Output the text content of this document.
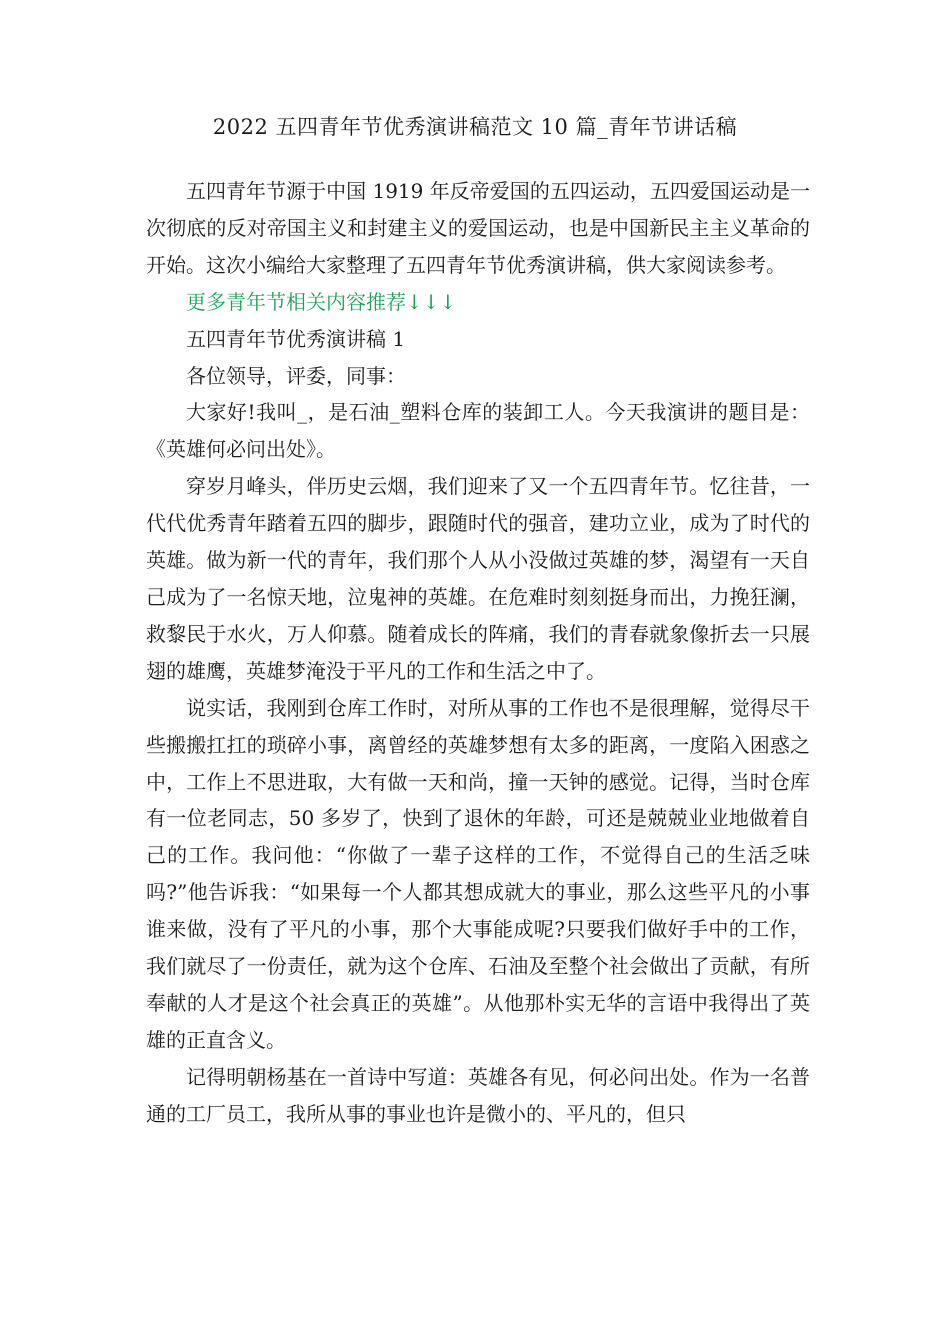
2022 五四青年节优秀演讲稿范文 10 篇_青年节讲话稿

五四青年节源于中国 1919 年反帝爱国的五四运动，五四爱国运动是一次彻底的反对帝国主义和封建主义的爱国运动，也是中国新民主主义革命的开始。这次小编给大家整理了五四青年节优秀演讲稿，供大家阅读参考。

更多青年节相关内容推荐↓↓↓

五四青年节优秀演讲稿 1

各位领导，评委，同事：

大家好!我叫_，是石油_塑料仓库的装卸工人。今天我演讲的题目是：《英雄何必问出处》。

穿岁月峰头，伴历史云烟，我们迎来了又一个五四青年节。忆往昔，一代代优秀青年踏着五四的脚步，跟随时代的强音，建功立业，成为了时代的英雄。做为新一代的青年，我们那个人从小没做过英雄的梦，渴望有一天自己成为了一名惊天地，泣鬼神的英雄。在危难时刻刻挺身而出，力挽狂澜，救黎民于水火，万人仰慕。随着成长的阵痛，我们的青春就象像折去一只展翅的雄鹰，英雄梦淹没于平凡的工作和生活之中了。

说实话，我刚到仓库工作时，对所从事的工作也不是很理解，觉得尽干些搬搬扛扛的琐碎小事，离曾经的英雄梦想有太多的距离，一度陷入困惑之中，工作上不思进取，大有做一天和尚，撞一天钟的感觉。记得，当时仓库有一位老同志，50 多岁了，快到了退休的年龄，可还是兢兢业业地做着自己的工作。我问他：“你做了一辈子这样的工作，不觉得自己的生活乏味吗?”他告诉我：“如果每一个人都其想成就大的事业，那么这些平凡的小事谁来做，没有了平凡的小事，那个大事能成呢?只要我们做好手中的工作，我们就尽了一份责任，就为这个仓库、石油及至整个社会做出了贡献，有所奉献的人才是这个社会真正的英雄”。从他那朴实无华的言语中我得出了英雄的正直含义。

记得明朝杨基在一首诗中写道：英雄各有见，何必问出处。作为一名普通的工厂员工，我所从事的事业也许是微小的、平凡的，但只
